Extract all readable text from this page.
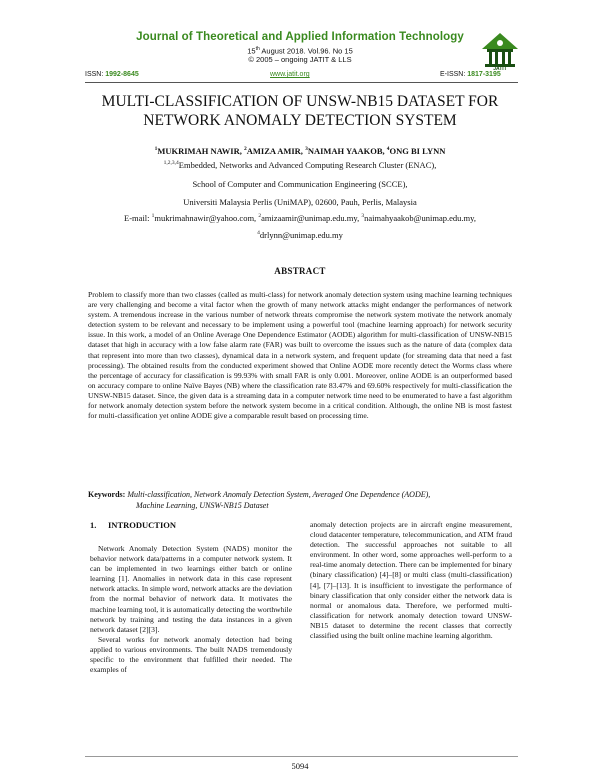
Journal of Theoretical and Applied Information Technology
15th August 2018. Vol.96. No 15
© 2005 – ongoing JATIT & LLS
JATIT
ISSN: 1992-8645	www.jatit.org	E-ISSN: 1817-3195
MULTI-CLASSIFICATION OF UNSW-NB15 DATASET FOR
NETWORK ANOMALY DETECTION SYSTEM
$^1$MUKRIMAH NAWIR, $^2$AMIZA AMIR, $^3$NAIMAH YAAKOB, $^4$ONG BI LYNN
$^{1,2,3,4}$Embedded, Networks and Advanced Computing Research Cluster (ENAC),
School of Computer and Communication Engineering (SCCE),
Universiti Malaysia Perlis (UniMAP), 02600, Pauh, Perlis, Malaysia
E-mail: $^1$mukrimahnawir@yahoo.com, $^2$amizaamir@unimap.edu.my, $^3$naimahyaakob@unimap.edu.my,
$^4$drlynn@unimap.edu.my
ABSTRACT
Problem to classify more than two classes (called as multi-class) for network anomaly detection system using machine learning techniques are very challenging and become a vital factor when the growth of many network attacks might endanger the performances of network system. A tremendous increase in the various number of network threats compromise the network system motivate the network anomaly detection system to be relevant and necessary to be implement using a powerful tool (machine learning approach) for network security issue. In this work, a model of an Online Average One Dependence Estimator (AODE) algorithm for multi-classification of UNSW-NB15 dataset that high in accuracy with a low false alarm rate (FAR) was built to overcome the issues such as the nature of data (complex data that represent into more than two classes), dynamical data in a network system, and frequent update (for streaming data that need a fast processing). The obtained results from the conducted experiment showed that Online AODE more recently detect the Worms class where the percentage of accuracy for classification is 99.93% with small FAR is only 0.001. Moreover, online AODE is an outperformed based on accuracy compare to online Naïve Bayes (NB) where the classification rate 83.47% and 69.60% respectively for multi-classification the UNSW-NB15 dataset. Since, the given data is a streaming data in a computer network time need to be enumerated to have a fast algorithm for network anomaly detection system before the network system become in a critical condition. Although, the online NB is most fastest for multi-classification yet online AODE give a comparable result based on processing time.
Keywords: Multi-classification, Network Anomaly Detection System, Averaged One Dependence (AODE),
Machine Learning, UNSW-NB15 Dataset
1. INTRODUCTION

Network Anomaly Detection System (NADS) monitor the behavior network data/patterns in a computer network system. It can be implemented in two learnings either batch or online learning [1]. Anomalies in network data in this case represent network attacks. In simple word, network attacks are the deviation from the normal behavior of network data. It motivates the machine learning tool, it is automatically detecting the worthwhile network by training and testing the data instances in a given network dataset [2][3].

Several works for network anomaly detection had being applied to various environments. The built NADS tremendously specific to the environment that fulfilled their needed. The examples of

anomaly detection projects are in aircraft engine measurement, cloud datacenter temperature, telecommunication, and ATM fraud detection. The successful approaches not suitable to all environment. In other word, some approaches well-perform to a real-time anomaly detection. There can be implemented for binary (binary classification) [4]–[8] or multi class (multi-classification) [4], [7]–[13]. It is insufficient to investigate the performance of binary classification that only consider either the network data is normal or anomalous data. Therefore, we performed multi-classification for network anomaly detection toward UNSW-NB15 dataset to determine the recent classes that correctly classified using the built online machine learning algorithm.

5094
